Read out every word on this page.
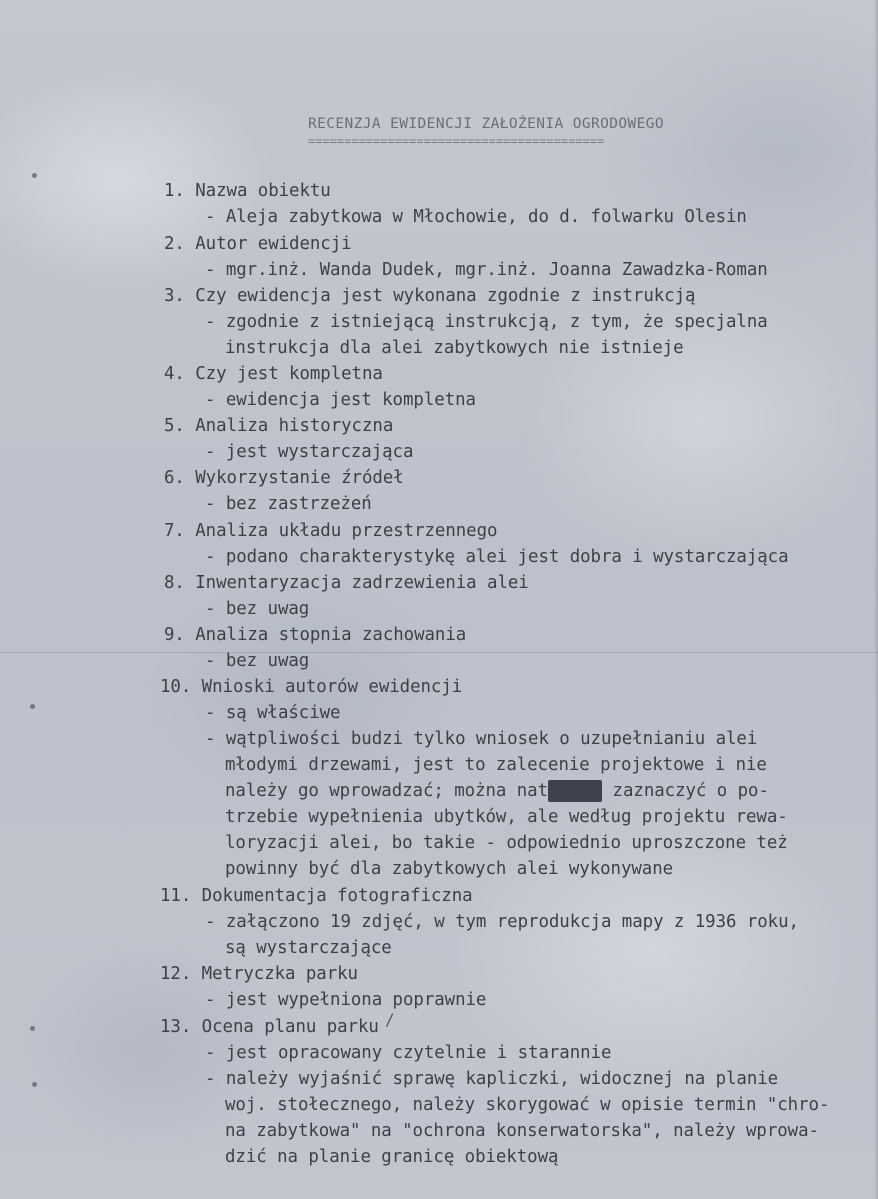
RECENZJA EWIDENCJI ZAŁOŻENIA OGRODOWEGO
=========================================
1. Nazwa obiektu
- Aleja zabytkowa w Młochowie, do d. folwarku Olesin
2. Autor ewidencji
- mgr.inż. Wanda Dudek, mgr.inż. Joanna Zawadzka-Roman
3. Czy ewidencja jest wykonana zgodnie z instrukcją
- zgodnie z istniejącą instrukcją, z tym, że specjalna
instrukcja dla alei zabytkowych nie istnieje
4. Czy jest kompletna
- ewidencja jest kompletna
5. Analiza historyczna
- jest wystarczająca
6. Wykorzystanie źródeł
- bez zastrzeżeń
7. Analiza układu przestrzennego
- podano charakterystykę alei jest dobra i wystarczająca
8. Inwentaryzacja zadrzewienia alei
- bez uwag
9. Analiza stopnia zachowania
- bez uwag
10. Wnioski autorów ewidencji
- są właściwe
- wątpliwości budzi tylko wniosek o uzupełnianiu alei
młodymi drzewami, jest to zalecenie projektowe i nie
należy go wprowadzać; można natomast zaznaczyć o po-
trzebie wypełnienia ubytków, ale według projektu rewa-
loryzacji alei, bo takie - odpowiednio uproszczone też
powinny być dla zabytkowych alei wykonywane
11. Dokumentacja fotograficzna
- załączono 19 zdjęć, w tym reprodukcja mapy z 1936 roku,
są wystarczające
12. Metryczka parku
- jest wypełniona poprawnie
13. Ocena planu parku
- jest opracowany czytelnie i starannie
- należy wyjaśnić sprawę kapliczki, widocznej na planie
woj. stołecznego, należy skorygować w opisie termin "chro-
na zabytkowa" na "ochrona konserwatorska", należy wprowa-
dzić na planie granicę obiektową
/
